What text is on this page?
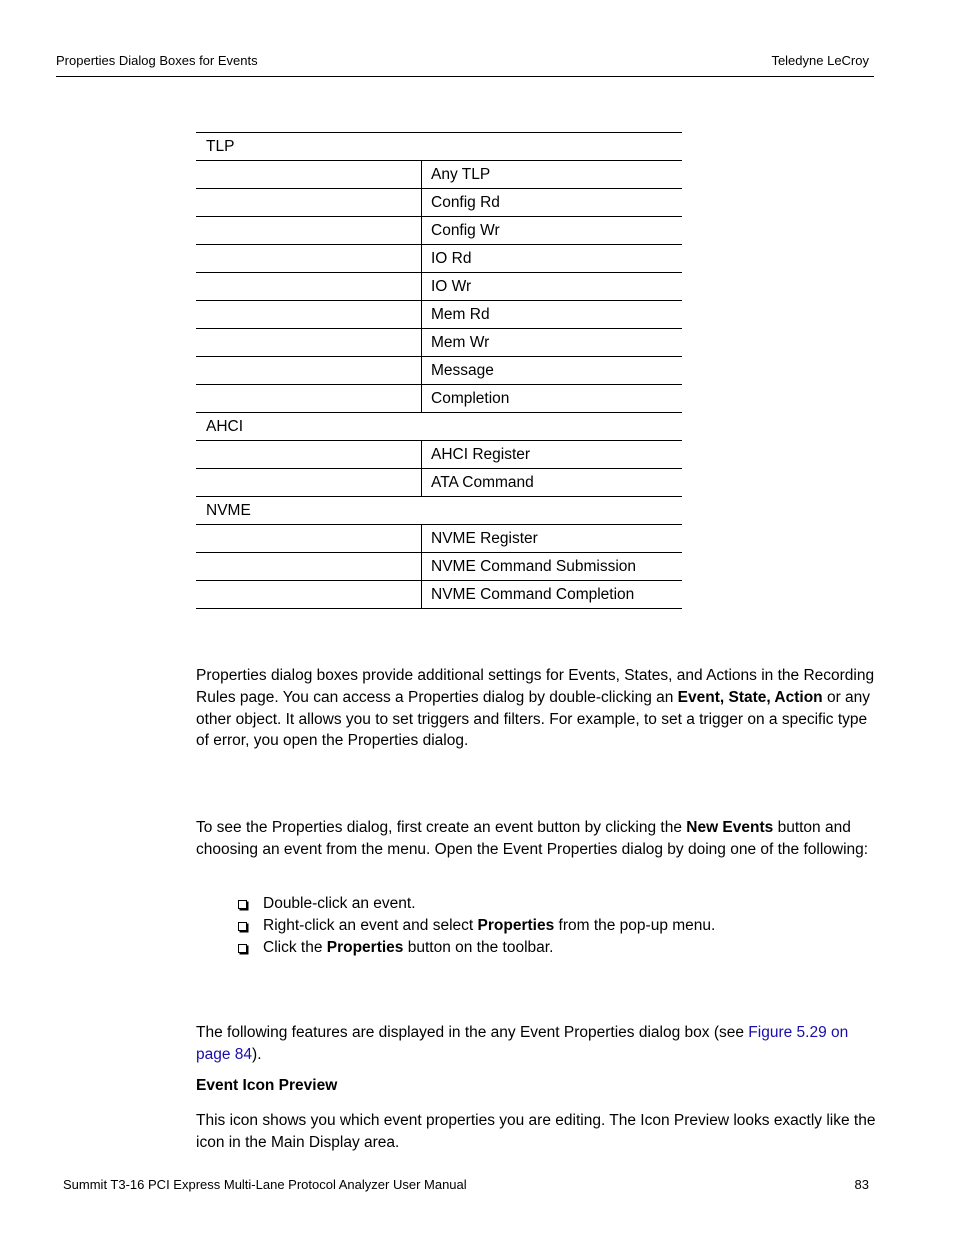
Properties Dialog Boxes for Events	Teledyne LeCroy
TLP	
	Any TLP
	Config Rd
	Config Wr
	IO Rd
	IO Wr
	Mem Rd
	Mem Wr
	Message
	Completion
AHCI	
	AHCI Register
	ATA Command
NVME	
	NVME Register
	NVME Command Submission
	NVME Command Completion

Properties dialog boxes provide additional settings for Events, States, and Actions in the Recording Rules page. You can access a Properties dialog by double-clicking an Event, State, Action or any other object. It allows you to set triggers and filters. For example, to set a trigger on a specific type of error, you open the Properties dialog.

To see the Properties dialog, first create an event button by clicking the New Events button and choosing an event from the menu. Open the Event Properties dialog by doing one of the following:

Double-click an event.
Right-click an event and select Properties from the pop-up menu.
Click the Properties button on the toolbar.

The following features are displayed in the any Event Properties dialog box (see Figure 5.29 on page 84).

Event Icon Preview

This icon shows you which event properties you are editing. The Icon Preview looks exactly like the icon in the Main Display area.

Summit T3-16 PCI Express Multi-Lane Protocol Analyzer User Manual	83
